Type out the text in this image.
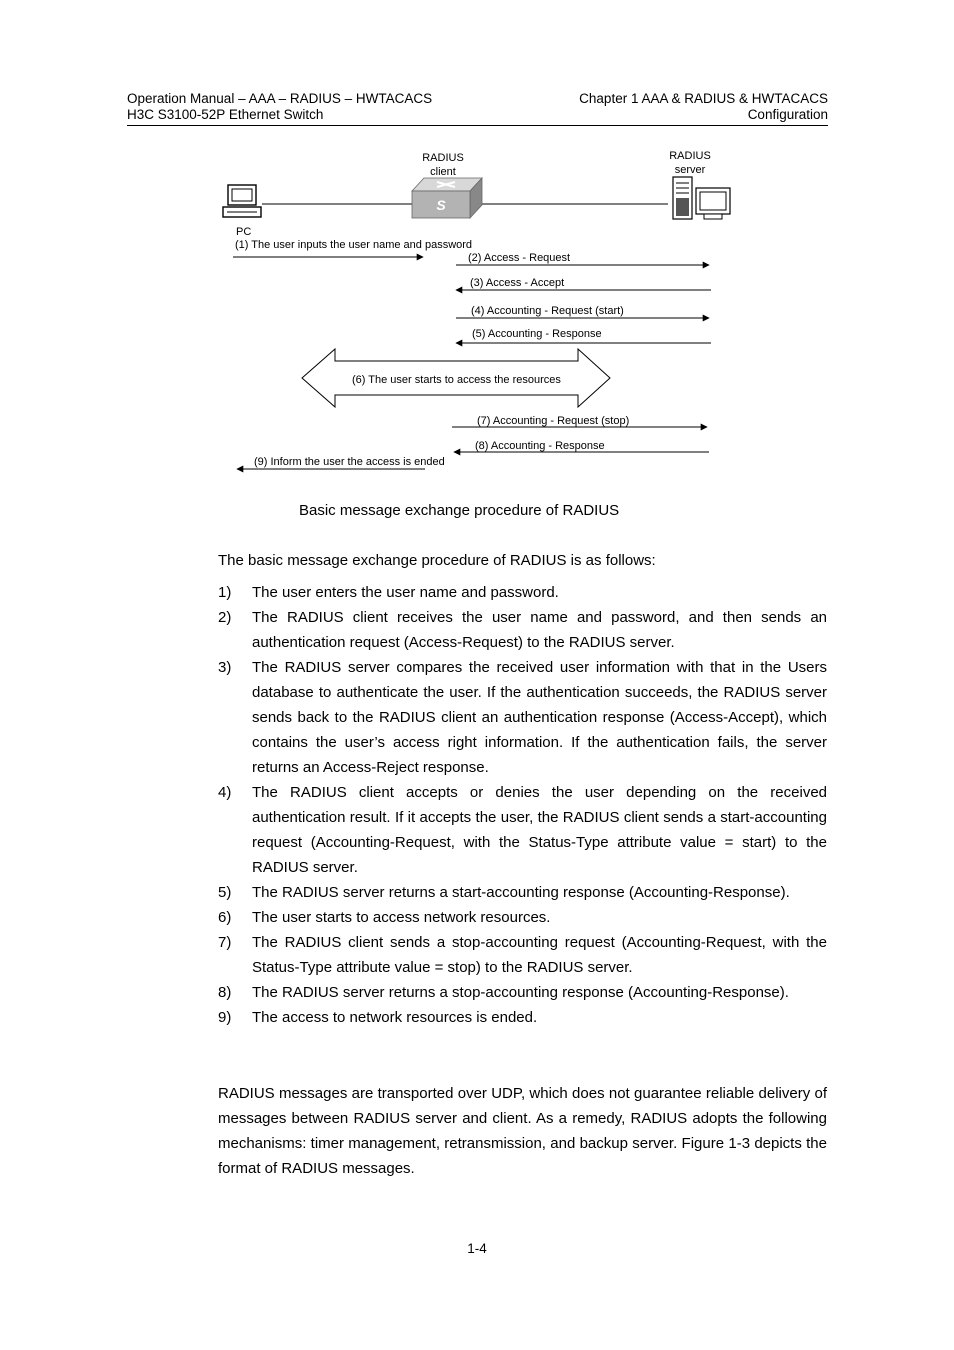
Operation Manual – AAA – RADIUS – HWTACACS
H3C S3100-52P Ethernet Switch
Chapter 1 AAA & RADIUS & HWTACACS
Configuration
PC
S
RADIUS
client
RADIUS
server
(1) The user inputs the user name and password
(2) Access - Request
(3) Access - Accept
(4) Accounting - Request (start)
(5) Accounting - Response
(6) The user starts to access the resources
(7) Accounting - Request (stop)
(8) Accounting - Response
(9) Inform the user the access is ended
Basic message exchange procedure of RADIUS
The basic message exchange procedure of RADIUS is as follows:
1) The user enters the user name and password.
2) The RADIUS client receives the user name and password, and then sends an authentication request (Access-Request) to the RADIUS server.
3) The RADIUS server compares the received user information with that in the Users database to authenticate the user. If the authentication succeeds, the RADIUS server sends back to the RADIUS client an authentication response (Access-Accept), which contains the user’s access right information. If the authentication fails, the server returns an Access-Reject response.
4) The RADIUS client accepts or denies the user depending on the received authentication result. If it accepts the user, the RADIUS client sends a start-accounting request (Accounting-Request, with the Status-Type attribute value = start) to the RADIUS server.
5) The RADIUS server returns a start-accounting response (Accounting-Response).
6) The user starts to access network resources.
7) The RADIUS client sends a stop-accounting request (Accounting-Request, with the Status-Type attribute value = stop) to the RADIUS server.
8) The RADIUS server returns a stop-accounting response (Accounting-Response).
9) The access to network resources is ended.

RADIUS messages are transported over UDP, which does not guarantee reliable delivery of messages between RADIUS server and client. As a remedy, RADIUS adopts the following mechanisms: timer management, retransmission, and backup server. Figure 1-3 depicts the format of RADIUS messages.

1-4
